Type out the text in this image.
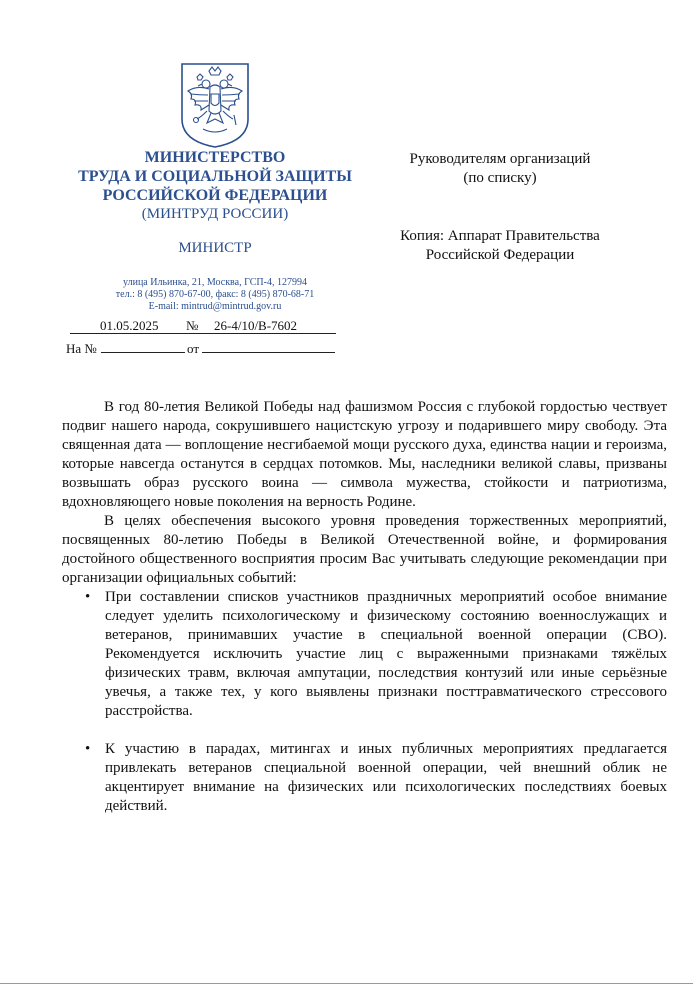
МИНИСТЕРСТВО
ТРУДА И СОЦИАЛЬНОЙ ЗАЩИТЫ
РОССИЙСКОЙ ФЕДЕРАЦИИ
(МИНТРУД РОССИИ)
МИНИСТР
улица Ильинка, 21, Москва, ГСП-4, 127994
тел.: 8 (495) 870-67-00, факс: 8 (495) 870-68-71
E-mail: mintrud@mintrud.gov.ru
01.05.2025 № 26-4/10/В-7602
На №	от
Руководителям организаций
(по списку)
Копия: Аппарат Правительства
Российской Федерации

В год 80-летия Великой Победы над фашизмом Россия с глубокой гордостью чествует подвиг нашего народа, сокрушившего нацистскую угрозу и подарившего миру свободу. Эта священная дата — воплощение несгибаемой мощи русского духа, единства нации и героизма, которые навсегда останутся в сердцах потомков. Мы, наследники великой славы, призваны возвышать образ русского воина — символа мужества, стойкости и патриотизма, вдохновляющего новые поколения на верность Родине.

В целях обеспечения высокого уровня проведения торжественных мероприятий, посвященных 80-летию Победы в Великой Отечественной войне, и формирования достойного общественного восприятия просим Вас учитывать следующие рекомендации при организации официальных событий:

• При составлении списков участников праздничных мероприятий особое внимание следует уделить психологическому и физическому состоянию военнослужащих и ветеранов, принимавших участие в специальной военной операции (СВО). Рекомендуется исключить участие лиц с выраженными признаками тяжёлых физических травм, включая ампутации, последствия контузий или иные серьёзные увечья, а также тех, у кого выявлены признаки посттравматического стрессового расстройства.
• К участию в парадах, митингах и иных публичных мероприятиях предлагается привлекать ветеранов специальной военной операции, чей внешний облик не акцентирует внимание на физических или психологических последствиях боевых действий.
